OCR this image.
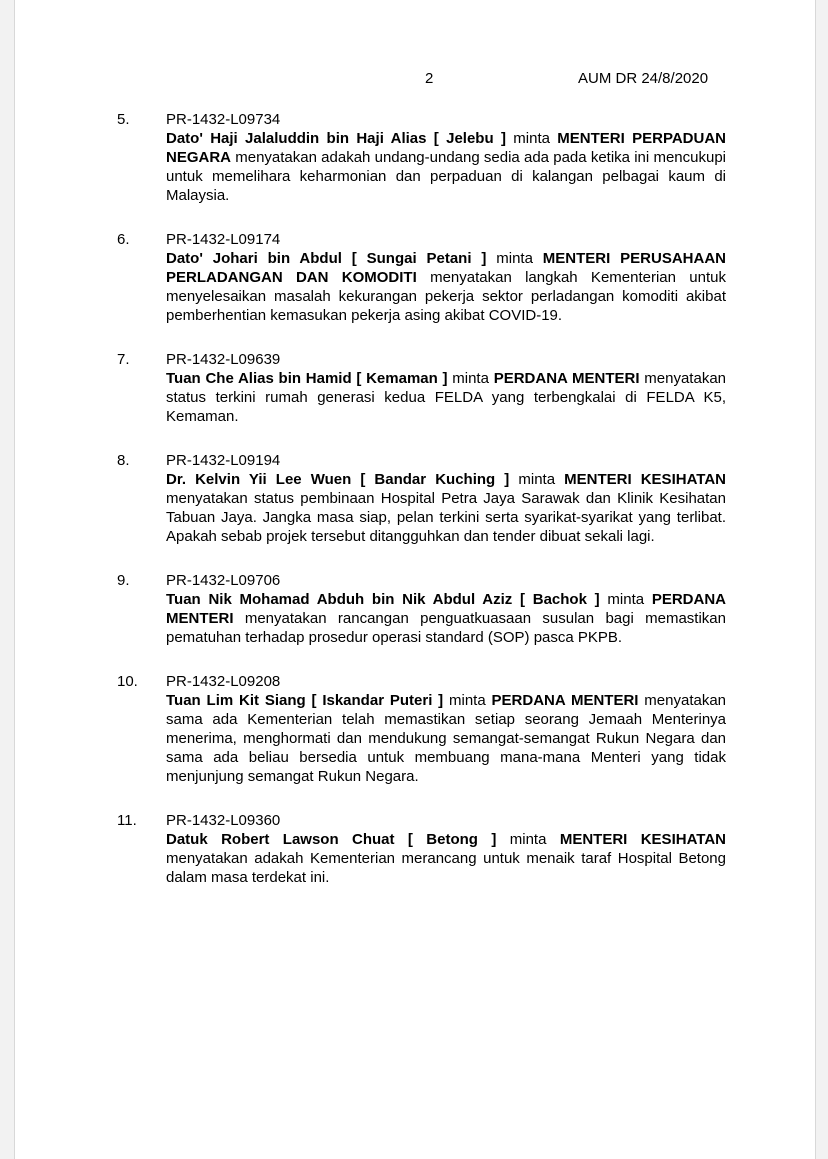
2	AUM DR 24/8/2020
5. PR-1432-L09734
Dato' Haji Jalaluddin bin Haji Alias [ Jelebu ] minta MENTERI PERPADUAN NEGARA menyatakan adakah undang-undang sedia ada pada ketika ini mencukupi untuk memelihara keharmonian dan perpaduan di kalangan pelbagai kaum di Malaysia.
6. PR-1432-L09174
Dato' Johari bin Abdul [ Sungai Petani ] minta MENTERI PERUSAHAAN PERLADANGAN DAN KOMODITI menyatakan langkah Kementerian untuk menyelesaikan masalah kekurangan pekerja sektor perladangan komoditi akibat pemberhentian kemasukan pekerja asing akibat COVID-19.
7. PR-1432-L09639
Tuan Che Alias bin Hamid [ Kemaman ] minta PERDANA MENTERI menyatakan status terkini rumah generasi kedua FELDA yang terbengkalai di FELDA K5, Kemaman.
8. PR-1432-L09194
Dr. Kelvin Yii Lee Wuen [ Bandar Kuching ] minta MENTERI KESIHATAN menyatakan status pembinaan Hospital Petra Jaya Sarawak dan Klinik Kesihatan Tabuan Jaya. Jangka masa siap, pelan terkini serta syarikat-syarikat yang terlibat. Apakah sebab projek tersebut ditangguhkan dan tender dibuat sekali lagi.
9. PR-1432-L09706
Tuan Nik Mohamad Abduh bin Nik Abdul Aziz [ Bachok ] minta PERDANA MENTERI menyatakan rancangan penguatkuasaan susulan bagi memastikan pematuhan terhadap prosedur operasi standard (SOP) pasca PKPB.
10. PR-1432-L09208
Tuan Lim Kit Siang [ Iskandar Puteri ] minta PERDANA MENTERI menyatakan sama ada Kementerian telah memastikan setiap seorang Jemaah Menterinya menerima, menghormati dan mendukung semangat-semangat Rukun Negara dan sama ada beliau bersedia untuk membuang mana-mana Menteri yang tidak menjunjung semangat Rukun Negara.
11. PR-1432-L09360
Datuk Robert Lawson Chuat [ Betong ] minta MENTERI KESIHATAN menyatakan adakah Kementerian merancang untuk menaik taraf Hospital Betong dalam masa terdekat ini.
